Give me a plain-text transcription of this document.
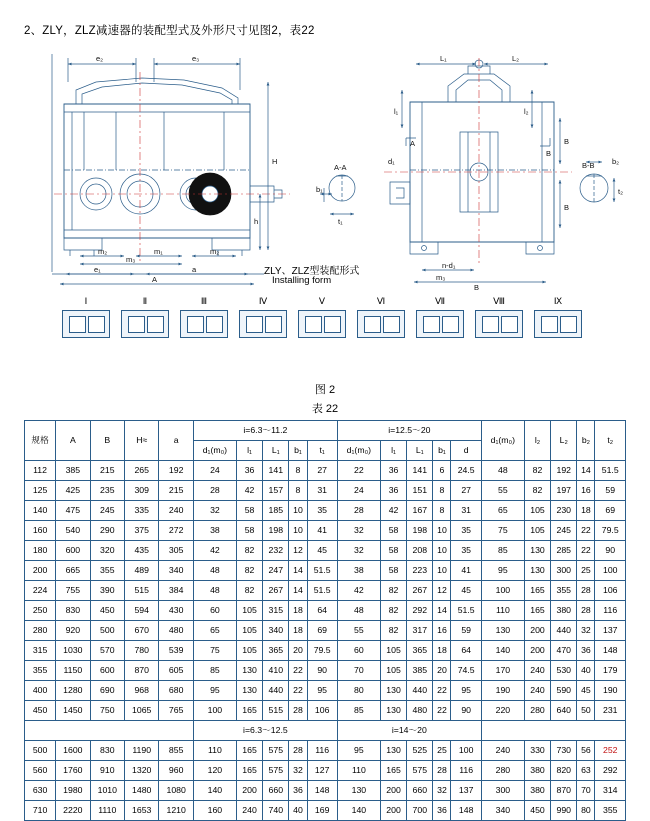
2、ZLY，ZLZ减速器的装配型式及外形尺寸见图2，表22
e₂	e₃
m₂	m₁	m₂
m₃
e₁	a
A
H
h
A-A
b₁
t₁
L₁	L₂
l₁	l₂
B
B
d₁
n-d₁
m₃
B
A
B
B-B b₂
t₂
ZLY、ZLZ型装配形式
Installing form
Ⅰ	Ⅱ	Ⅲ	Ⅳ	Ⅴ	Ⅵ	Ⅶ	Ⅷ	Ⅸ
图 2
表 22
规格	A	B	H≈	a	i=6.3～11.2					i=12.5～20					d₁(m₀)	l₂	L₂	b₂	t₂
					d₁(m₀)	l₁	L₁	b₁	t₁	d₁(m₀)	l₁	L₁	b₁	d					
112	385	215	265	192	24	36	141	8	27	22	36	141	6	24.5	48	82	192	14	51.5
125	425	235	309	215	28	42	157	8	31	24	36	151	8	27	55	82	197	16	59
140	475	245	335	240	32	58	185	10	35	28	42	167	8	31	65	105	230	18	69
160	540	290	375	272	38	58	198	10	41	32	58	198	10	35	75	105	245	22	79.5
180	600	320	435	305	42	82	232	12	45	32	58	208	10	35	85	130	285	22	90
200	665	355	489	340	48	82	247	14	51.5	38	58	223	10	41	95	130	300	25	100
224	755	390	515	384	48	82	267	14	51.5	42	82	267	12	45	100	165	355	28	106
250	830	450	594	430	60	105	315	18	64	48	82	292	14	51.5	110	165	380	28	116
280	920	500	670	480	65	105	340	18	69	55	82	317	16	59	130	200	440	32	137
315	1030	570	780	539	75	105	365	20	79.5	60	105	365	18	64	140	200	470	36	148
355	1150	600	870	605	85	130	410	22	90	70	105	385	20	74.5	170	240	530	40	179
400	1280	690	968	680	95	130	440	22	95	80	130	440	22	95	190	240	590	45	190
450	1450	750	1065	765	100	165	515	28	106	85	130	480	22	90	220	280	640	50	231
					i=6.3～12.5					i=14～20									
500	1600	830	1190	855	110	165	575	28	116	95	130	525	25	100	240	330	730	56	252
560	1760	910	1320	960	120	165	575	32	127	110	165	575	28	116	280	380	820	63	292
630	1980	1010	1480	1080	140	200	660	36	148	130	200	660	32	137	300	380	870	70	314
710	2220	1110	1653	1210	160	240	740	40	169	140	200	700	36	148	340	450	990	80	355
